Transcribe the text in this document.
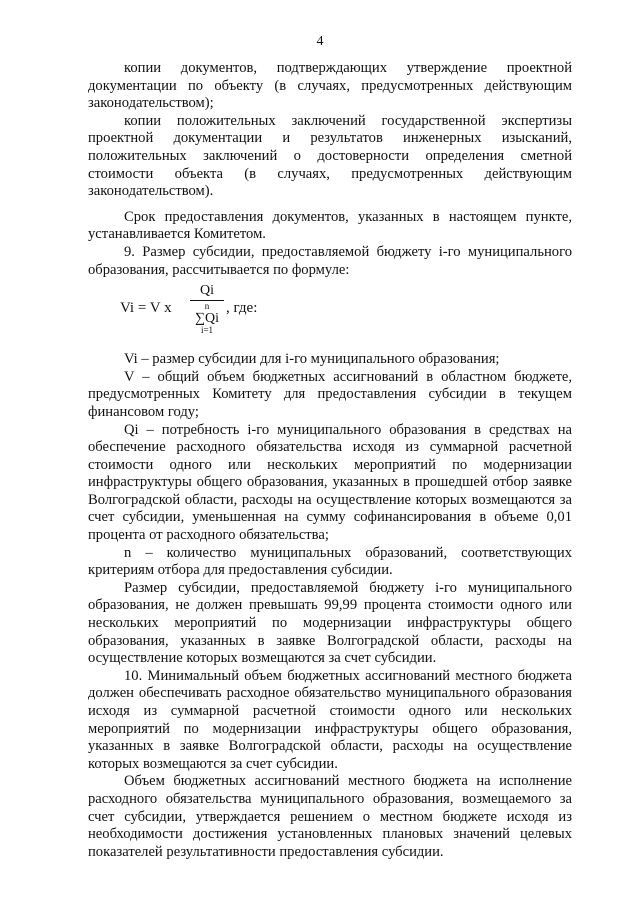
4

копии документов, подтверждающих утверждение проектной документации по объекту (в случаях, предусмотренных действующим законодательством);

копии положительных заключений государственной экспертизы проектной документации и результатов инженерных изысканий, положительных заключений о достоверности определения сметной стоимости объекта (в случаях, предусмотренных действующим законодательством).

Срок предоставления документов, указанных в настоящем пункте, устанавливается Комитетом.

9. Размер субсидии, предоставляемой бюджету i-го муниципального образования, рассчитывается по формуле:

Vi = V x
Qi
n
∑Qi
i=1
, где:

Vi – размер субсидии для i-го муниципального образования;

V – общий объем бюджетных ассигнований в областном бюджете, предусмотренных Комитету для предоставления субсидии в текущем финансовом году;

Qi – потребность i-го муниципального образования в средствах на обеспечение расходного обязательства исходя из суммарной расчетной стоимости одного или нескольких мероприятий по модернизации инфраструктуры общего образования, указанных в прошедшей отбор заявке Волгоградской области, расходы на осуществление которых возмещаются за счет субсидии, уменьшенная на сумму софинансирования в объеме 0,01 процента от расходного обязательства;

n – количество муниципальных образований, соответствующих критериям отбора для предоставления субсидии.

Размер субсидии, предоставляемой бюджету i-го муниципального образования, не должен превышать 99,99 процента стоимости одного или нескольких мероприятий по модернизации инфраструктуры общего образования, указанных в заявке Волгоградской области, расходы на осуществление которых возмещаются за счет субсидии.

10. Минимальный объем бюджетных ассигнований местного бюджета должен обеспечивать расходное обязательство муниципального образования исходя из суммарной расчетной стоимости одного или нескольких мероприятий по модернизации инфраструктуры общего образования, указанных в заявке Волгоградской области, расходы на осуществление которых возмещаются за счет субсидии.

Объем бюджетных ассигнований местного бюджета на исполнение расходного обязательства муниципального образования, возмещаемого за счет субсидии, утверждается решением о местном бюджете исходя из необходимости достижения установленных плановых значений целевых показателей результативности предоставления субсидии.
